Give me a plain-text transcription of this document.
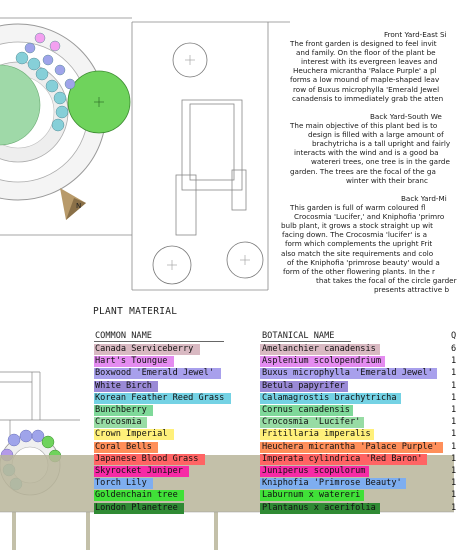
N
Front Yard-East Si
The front garden is designed to feel invit
and family. On the floor of the plant be
interest with its evergreen leaves and
Heuchera micrantha 'Palace Purple' a pl
forms a low mound of maple-shaped leav
row of Buxus microphylla 'Emerald Jewel
canadensis to immediately grab the atten
Back Yard-South We
The main objective of this plant bed is to
design is filled with a large amount of
brachytricha is a tall upright and fairly
interacts with the wind and is a good ba
watereri trees, one tree is in the garde
garden. The trees are the focal of the ga
winter with their branc
Back Yard-Mi
This garden is full of warm coloured fl
Crocosmia 'Lucifer,' and Kniphofia 'primro
bulb plant, it grows a stock straight up wit
facing down. The Crocosmia 'lucifer' is a
form which complements the upright Frit
also match the site requirements and colo
of the Kniphofia 'primrose beauty' would a
form of the other flowering plants. In the r
that takes the focal of the circle garder
presents attractive b
PLANT MATERIAL
COMMON NAME	BOTANICAL NAME	Q
Canada Serviceberry	Amelanchier canadensis	6
Hart's Toungue	Asplenium scolopendrium	1
Boxwood 'Emerald Jewel'	Buxus microphylla 'Emerald Jewel' 1
White Birch	Betula papyrifer	1
Korean Feather Reed Grass	Calamagrostis brachytricha	1
Bunchberry	Cornus canadensis	1
Crocosmia	Crocosmia 'Lucifer'	1
Crown Imperial	Fritillaria imperalis	1
Coral Bells	Heuchera micrantha 'Palace Purple' 1
Japanese Blood Grass	Imperata cylindrica 'Red Baron'	1
Skyrocket Juniper	Juniperus scopulorum	1
Torch Lily	Kniphofia 'Primrose Beauty'	1
Goldenchain tree	Laburnum x watereri	1
London Planetree	Plantanus x acerifolia	1
